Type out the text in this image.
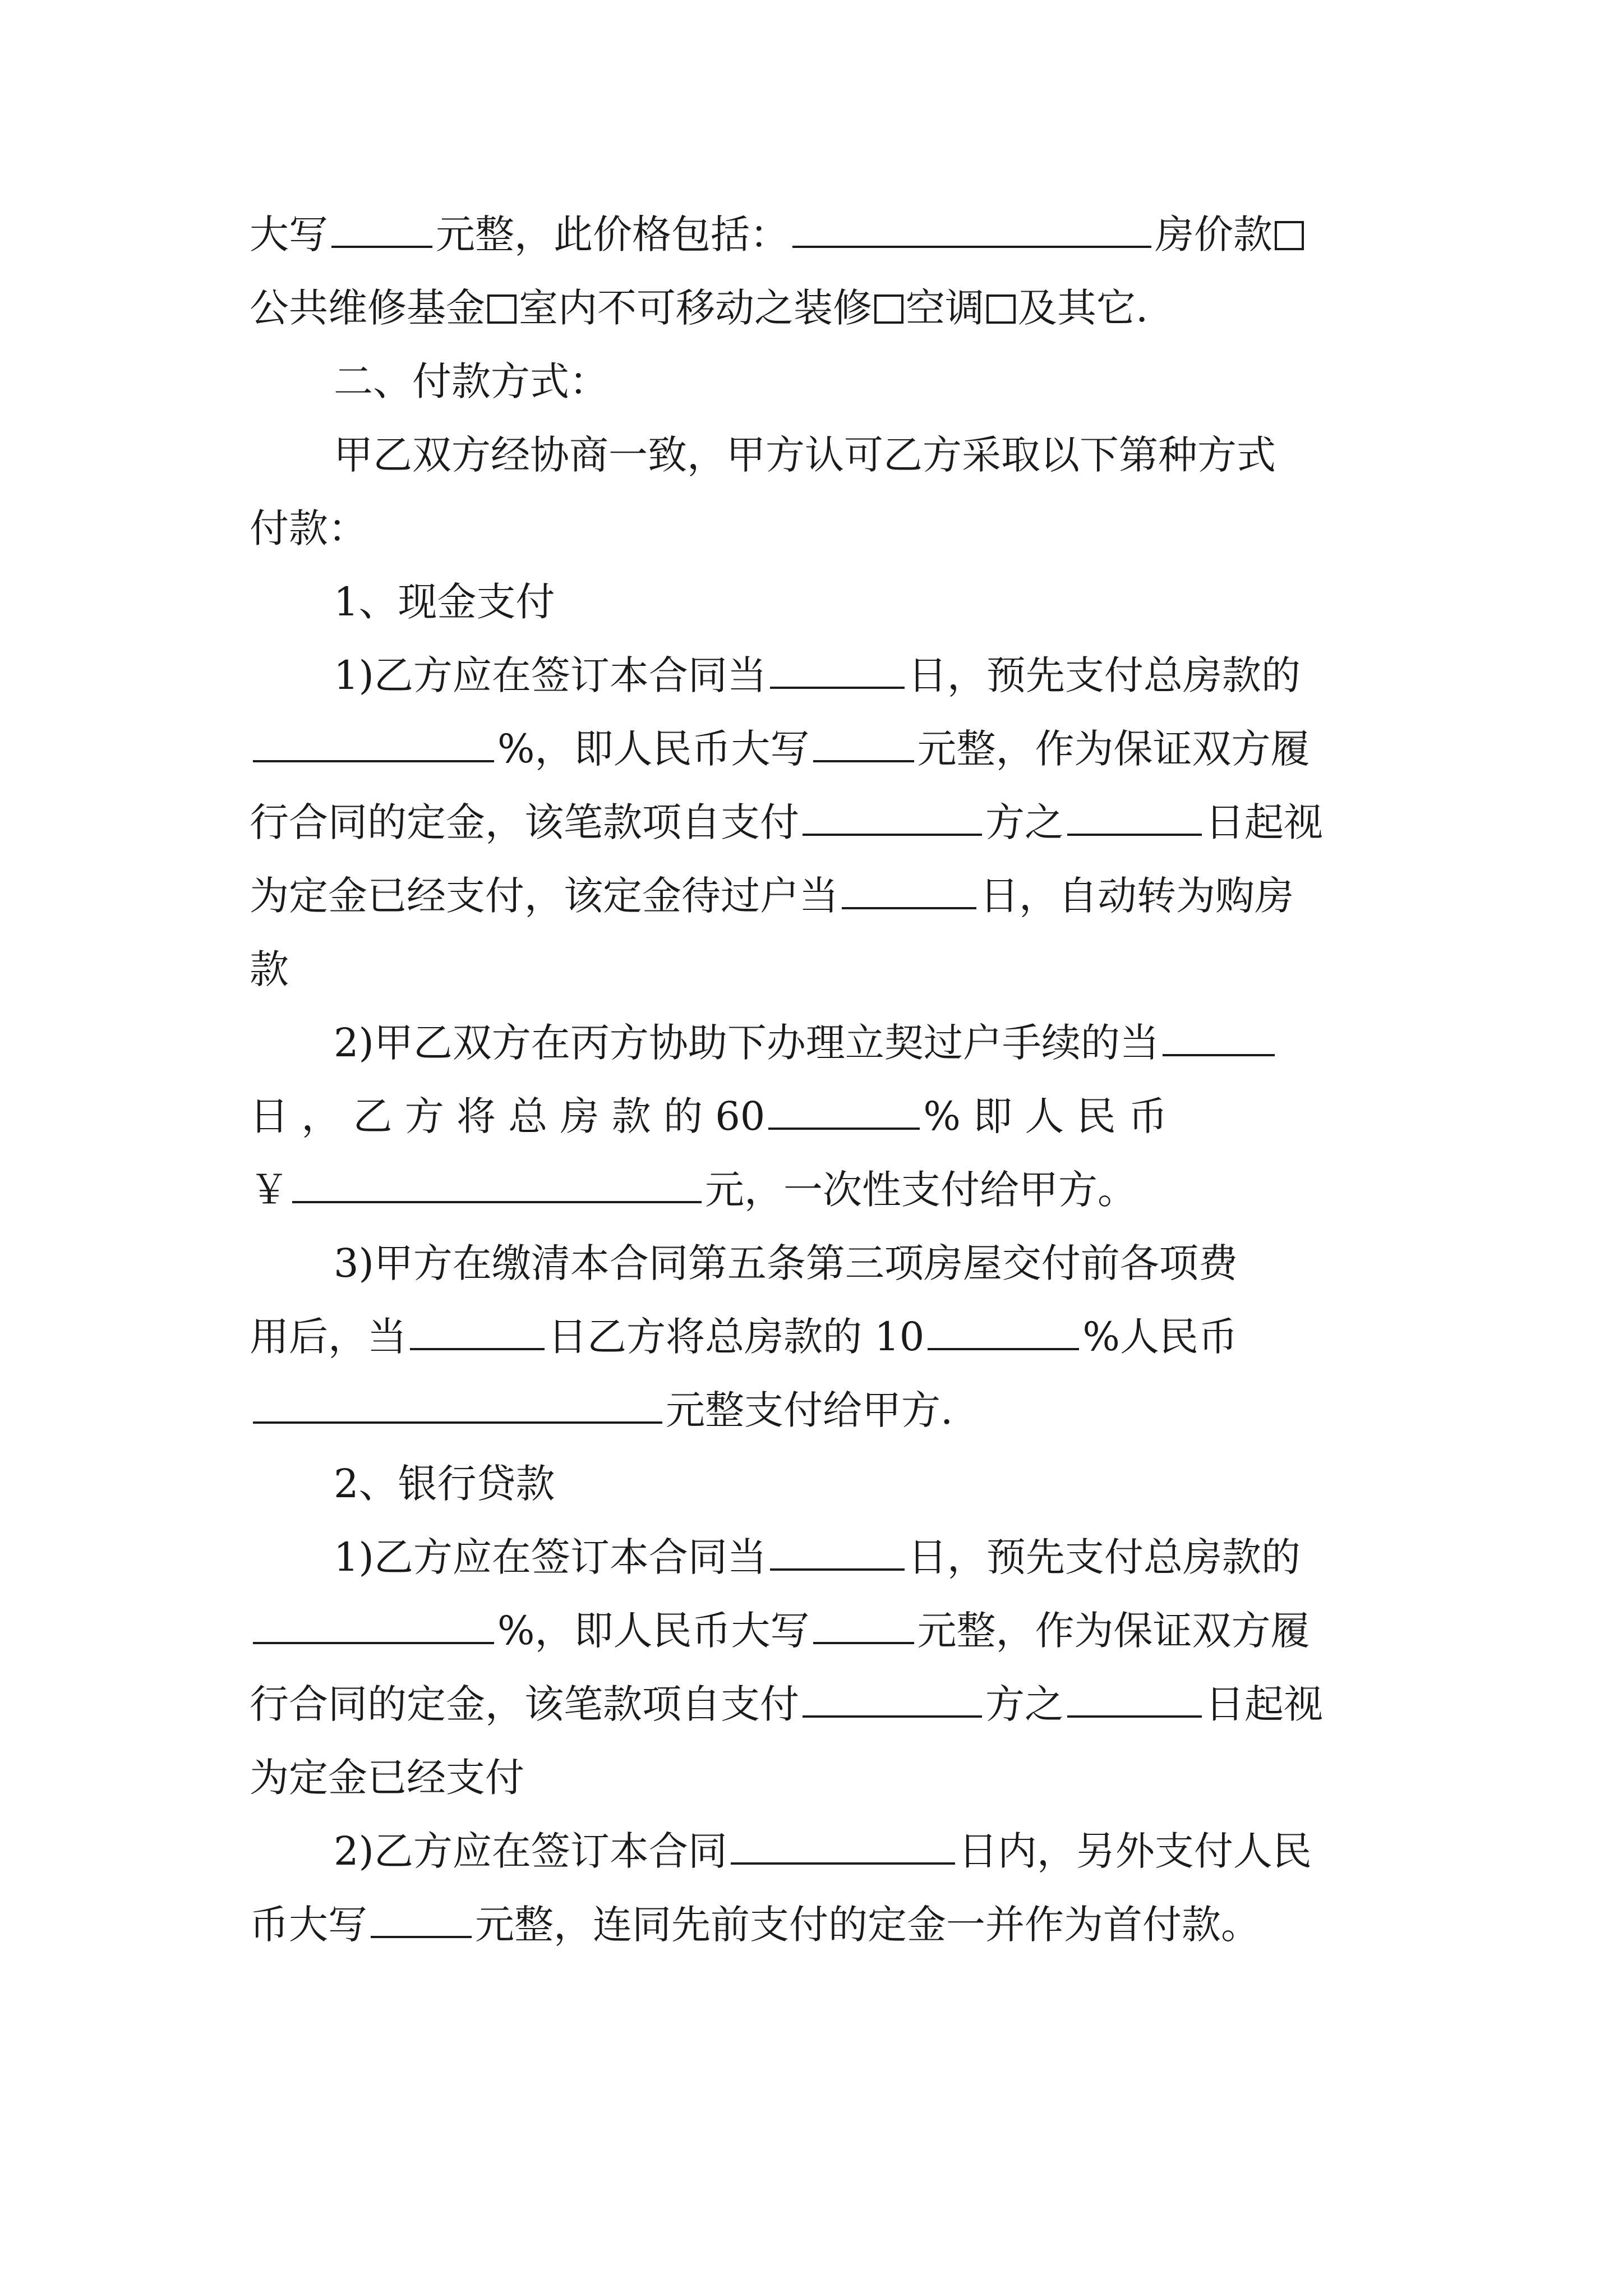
大写	元整，此价格包括：	房价款
公共维修基金 室内不可移动之装修 空调 及其它.
二、付款方式：
甲乙双方经协商一致，甲方认可乙方采取以下第种方式
付款：
1、现金支付
1)乙方应在签订本合同当	日，预先支付总房款的
%，即人民币大写	元整，作为保证双方履
行合同的定金，该笔款项自支付	方之	日起视
为定金已经支付，该定金待过户当	日，自动转为购房
款
2)甲乙双方在丙方协助下办理立契过户手续的当
日 ， 乙 方 将 总 房 款 的 60	% 即 人 民 币
￥	元，一次性支付给甲方。
3)甲方在缴清本合同第五条第三项房屋交付前各项费
用后，当	日乙方将总房款的 10	%人民币
元整支付给甲方.
2、银行贷款
1)乙方应在签订本合同当	日，预先支付总房款的
%，即人民币大写	元整，作为保证双方履
行合同的定金，该笔款项自支付	方之	日起视
为定金已经支付
2)乙方应在签订本合同	日内，另外支付人民
币大写	元整，连同先前支付的定金一并作为首付款。
